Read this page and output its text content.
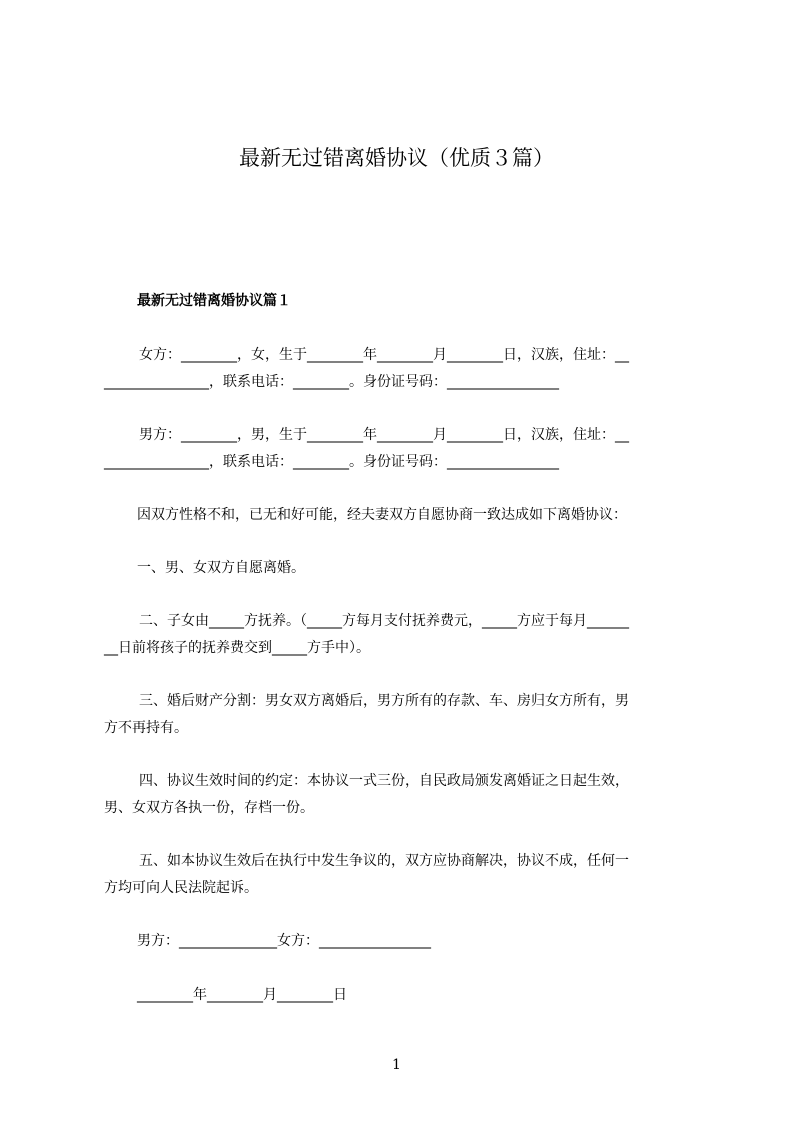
最新无过错离婚协议（优质３篇）
最新无过错离婚协议篇１
女方：________，女，生于________年________月________日，汉族，住址：__
_______________，联系电话：________。身份证号码：________________
男方：________，男，生于________年________月________日，汉族，住址：__
_______________，联系电话：________。身份证号码：________________
因双方性格不和，已无和好可能，经夫妻双方自愿协商一致达成如下离婚协议：
一、男、女双方自愿离婚。
二、子女由_____方抚养。（_____方每月支付抚养费元，_____方应于每月______
__日前将孩子的抚养费交到_____方手中）。
三、婚后财产分割：男女双方离婚后，男方所有的存款、车、房归女方所有，男
方不再持有。
四、协议生效时间的约定：本协议一式三份，自民政局颁发离婚证之日起生效，
男、女双方各执一份，存档一份。
五、如本协议生效后在执行中发生争议的，双方应协商解决，协议不成，任何一
方均可向人民法院起诉。
男方：______________女方：________________
________年________月________日
1
